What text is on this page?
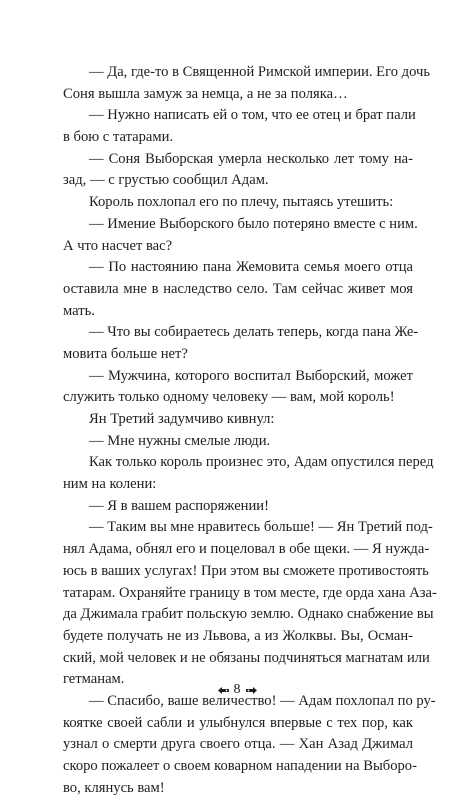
— Да, где-то в Священной Римской империи. Его дочь
Соня вышла замуж за немца, а не за поляка…
— Нужно написать ей о том, что ее отец и брат пали
в бою с татарами.
— Соня Выборская умерла несколько лет тому на-
зад, — с грустью сообщил Адам.
Король похлопал его по плечу, пытаясь утешить:
— Имение Выборского было потеряно вместе с ним.
А что насчет вас?
— По настоянию пана Жемовита семья моего отца
оставила мне в наследство село. Там сейчас живет моя
мать.
— Что вы собираетесь делать теперь, когда пана Же-
мовита больше нет?
— Мужчина, которого воспитал Выборский, может
служить только одному человеку — вам, мой король!
Ян Третий задумчиво кивнул:
— Мне нужны смелые люди.
Как только король произнес это, Адам опустился перед
ним на колени:
— Я в вашем распоряжении!
— Таким вы мне нравитесь больше! — Ян Третий под-
нял Адама, обнял его и поцеловал в обе щеки. — Я нужда-
юсь в ваших услугах! При этом вы сможете противостоять
татарам. Охраняйте границу в том месте, где орда хана Аза-
да Джимала грабит польскую землю. Однако снабжение вы
будете получать не из Львова, а из Жолквы. Вы, Осман-
ский, мой человек и не обязаны подчиняться магнатам или
гетманам.
— Спасибо, ваше величество! — Адам похлопал по ру-
коятке своей сабли и улыбнулся впервые с тех пор, как
узнал о смерти друга своего отца. — Хан Азад Джимал
скоро пожалеет о своем коварном нападении на Выборо-
во, клянусь вам!
8
